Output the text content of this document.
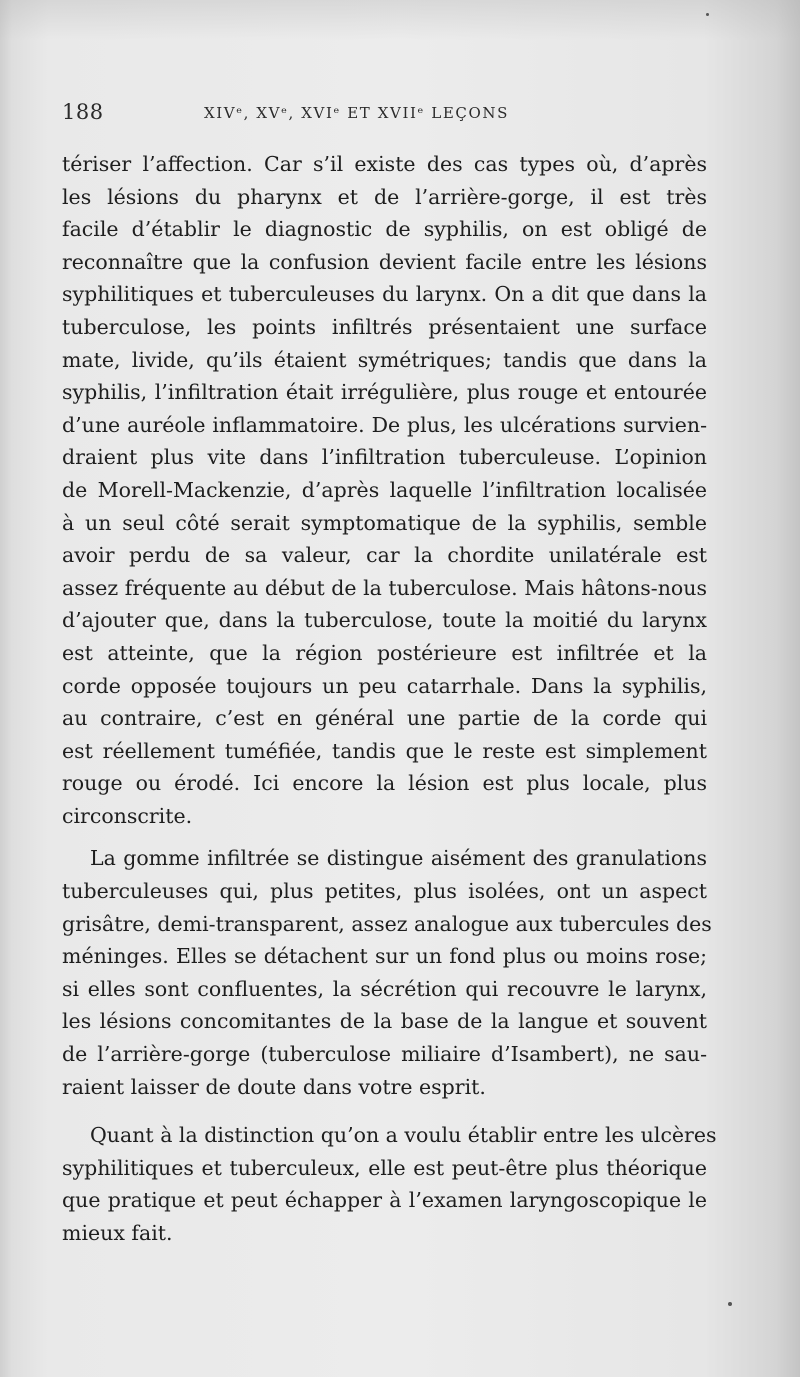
188	XIVᵉ, XVᵉ, XVIᵉ ET XVIIᵉ LEÇONS

tériser l’affection. Car s’il existe des cas types où, d’après
les lésions du pharynx et de l’arrière-gorge, il est très
facile d’établir le diagnostic de syphilis, on est obligé de
reconnaître que la confusion devient facile entre les lésions
syphilitiques et tuberculeuses du larynx. On a dit que dans la
tuberculose, les points infiltrés présentaient une surface
mate, livide, qu’ils étaient symétriques; tandis que dans la
syphilis, l’infiltration était irrégulière, plus rouge et entourée
d’une auréole inflammatoire. De plus, les ulcérations survien-
draient plus vite dans l’infiltration tuberculeuse. L’opinion
de Morell-Mackenzie, d’après laquelle l’infiltration localisée
à un seul côté serait symptomatique de la syphilis, semble
avoir perdu de sa valeur, car la chordite unilatérale est
assez fréquente au début de la tuberculose. Mais hâtons-nous
d’ajouter que, dans la tuberculose, toute la moitié du larynx
est atteinte, que la région postérieure est infiltrée et la
corde opposée toujours un peu catarrhale. Dans la syphilis,
au contraire, c’est en général une partie de la corde qui
est réellement tuméfiée, tandis que le reste est simplement
rouge ou érodé. Ici encore la lésion est plus locale, plus
circonscrite.

La gomme infiltrée se distingue aisément des granulations
tuberculeuses qui, plus petites, plus isolées, ont un aspect
grisâtre, demi-transparent, assez analogue aux tubercules des
méninges. Elles se détachent sur un fond plus ou moins rose;
si elles sont confluentes, la sécrétion qui recouvre le larynx,
les lésions concomitantes de la base de la langue et souvent
de l’arrière-gorge (tuberculose miliaire d’Isambert), ne sau-
raient laisser de doute dans votre esprit.

Quant à la distinction qu’on a voulu établir entre les ulcères
syphilitiques et tuberculeux, elle est peut-être plus théorique
que pratique et peut échapper à l’examen laryngoscopique le
mieux fait.
